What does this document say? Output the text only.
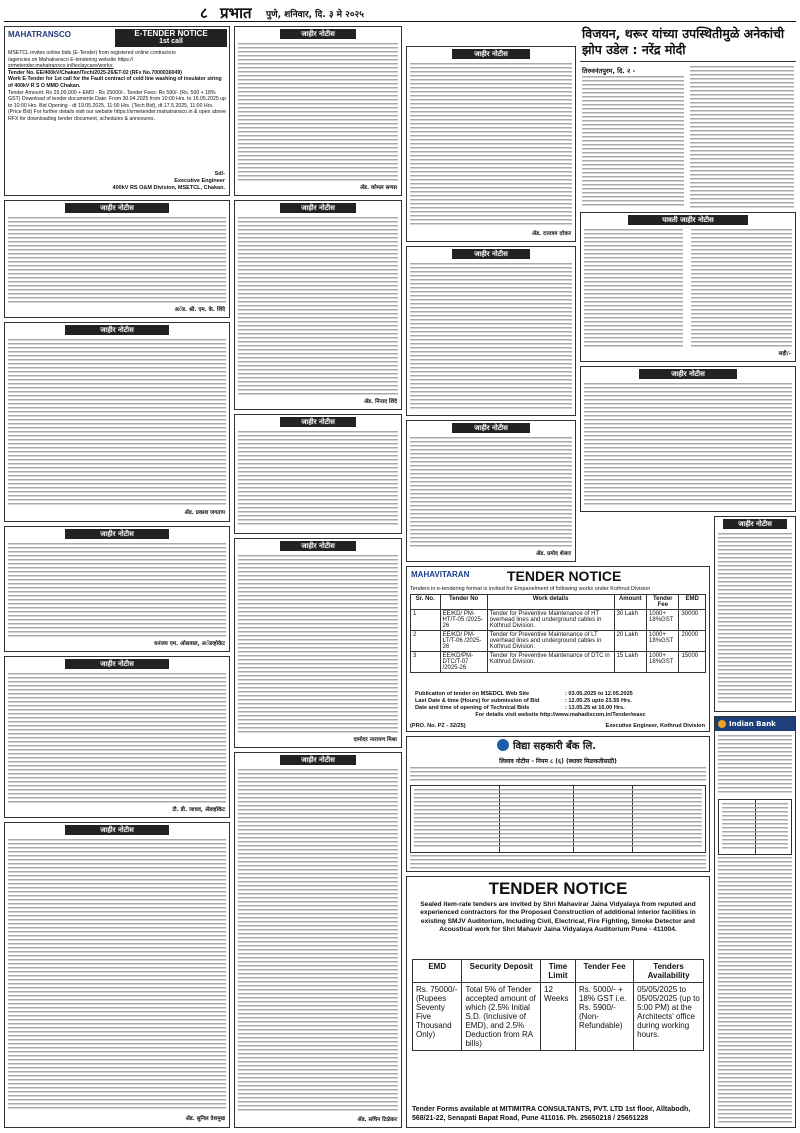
८ प्रभात पुणे, शनिवार, दि. ३ मे २०२५
MAHATRANSCO	E-TENDER NOTICE
1st call
MSETCL invites online bids (E-Tender) from registered online contractors
/agencies on Mahatransco E-tendering website https://
srmetender.mahatransco.in/lteclaycare/works:
Tender No. EE/400kV/Chakan/Tech/2025-26/ET-02 (RFx No.7000036049)
Work E-Tender for 1st call for the Fault contract of cold line washing of insulator string of 400kV R S O MMD Chakan.
Tender Amount: Rs 25,00,000 + EMD - Rs 25000/-. Tender Fees: Rs 590/- (Rs. 500 + 18% GST) Download of tender documents Date: From 30.04.2025 from 10:00 Hrs. to 16.05.2025 up to 10:00 Hrs. Bid Opening - dt 19.05.2025, 11:00 Hrs. (Tech Bid), dt.17.5.2025, 11:00 Hrs. (Price Bid) For further details visit our website https://srmetender.mahatransco.in & open above RFX for downloading tender document, schedules & annexures.
Sd/-
Executive Engineer
400kV RS O&M Division, MSETCL, Chakan.
जाहीर नोटीस
अॅड. श्री. एम. के. शिंदे
जाहीर नोटीस
ॲड. प्रकाश जगताप
जाहीर नोटीस
धनंजय एम. ओसवाल, अॅडव्होकेट
जाहीर नोटीस
टी. डी. जाधव, ॲडव्होकेट
जाहीर नोटीस
ॲड. सुनिल देशमुख
जाहीर नोटीस
ॲड. कोमल सणस
जाहीर नोटीस
ॲड. निनाद शिंदे
जाहीर नोटीस
जाहीर नोटीस
दामोदर नारायण मिश्रा
जाहीर नोटीस
ॲड. सचिन टिळेकर
जाहीर नोटीस
ॲड. दत्तात्रय दरेकर
जाहीर नोटीस
जाहीर नोटीस
ॲड. प्रमोद शेलार
विजयन, थरूर यांच्या उपस्थितीमुळे अनेकांची झोप उडेल : नरेंद्र मोदी
तिरुवनंतपुरम, दि. २ -
पावती जाहीर नोटीस
सही/-
जाहीर नोटीस
जाहीर नोटीस
MAHAVITARAN	TENDER NOTICE
Tenders in e-tendering format is invited for Empanelment of following works under Kothrud Division
Sr. No.	Tender No	Work details	Amount	Tender Fee	EMD
1	EE/KD/ PM-HT/T-05 /2025-26	Tender for Preventive Maintenance of HT overhead lines and underground cables in Kothrud Division.	30 Lakh	1000+ 18%GST	30000
2	EE/KD/ PM-LT/T-06 /2025-26	Tender for Preventive Maintenance of LT overhead lines and underground cables in Kothrud Division.	20 Lakh	1000+ 18%GST	20000
3	EE/KD/PM-DTC/T-07 /2025-26	Tender for Preventive Maintenance of DTC in Kothrud Division.	15 Lakh	1000+ 18%GST	15000
Publication of tender on MSEDCL Web Site	: 03.05.2025 to 12.05.2025
Last Date & time (Hours) for submission of Bid	: 12.05.25 upto 23.55 Hrs.
Date and time of opening of Technical Bids	: 13.05.25 at 16.00 Hrs.
For details visit website http://www.mahadiscom.in/Tender/wasc
(PRO. No. PZ - 32/25)	Executive Engineer, Kothrud Division
विद्या सहकारी बँक लि.
लिलाव नोटीस - नियम ८ (६) (स्थावर मिळकतीसाठी)
Indian Bank
TENDER NOTICE
Sealed item-rate tenders are invited by Shri Mahavirar Jaina Vidyalaya from reputed and experienced contractors for the Proposed Construction of additional interior facilities in existing SMJV Auditorium, Including Civil, Electrical, Fire Fighting, Smoke Detector and Acoustical work for Shri Mahavir Jaina Vidyalaya Auditorium Pune - 411004.
EMD	Security Deposit	Time Limit	Tender Fee	Tenders Availability
Rs. 75000/- (Rupees Seventy Five Thousand Only)	Total 5% of Tender accepted amount of which (2.5% Initial S.D. (Inclusive of EMD), and 2.5% Deduction from RA bills)	12 Weeks	Rs. 5000/- + 18% GST i.e. Rs. 5900/- (Non-Refundable)	05/05/2025 to 05/05/2025 (up to 5:00 PM) at the Architects' office during working hours.
Tender Forms available at MITIMITRA CONSULTANTS, PVT. LTD 1st floor, Alltabodh, 568/21-22, Senapati Bapat Road, Pune 411016. Ph. 25650218 / 25651228
